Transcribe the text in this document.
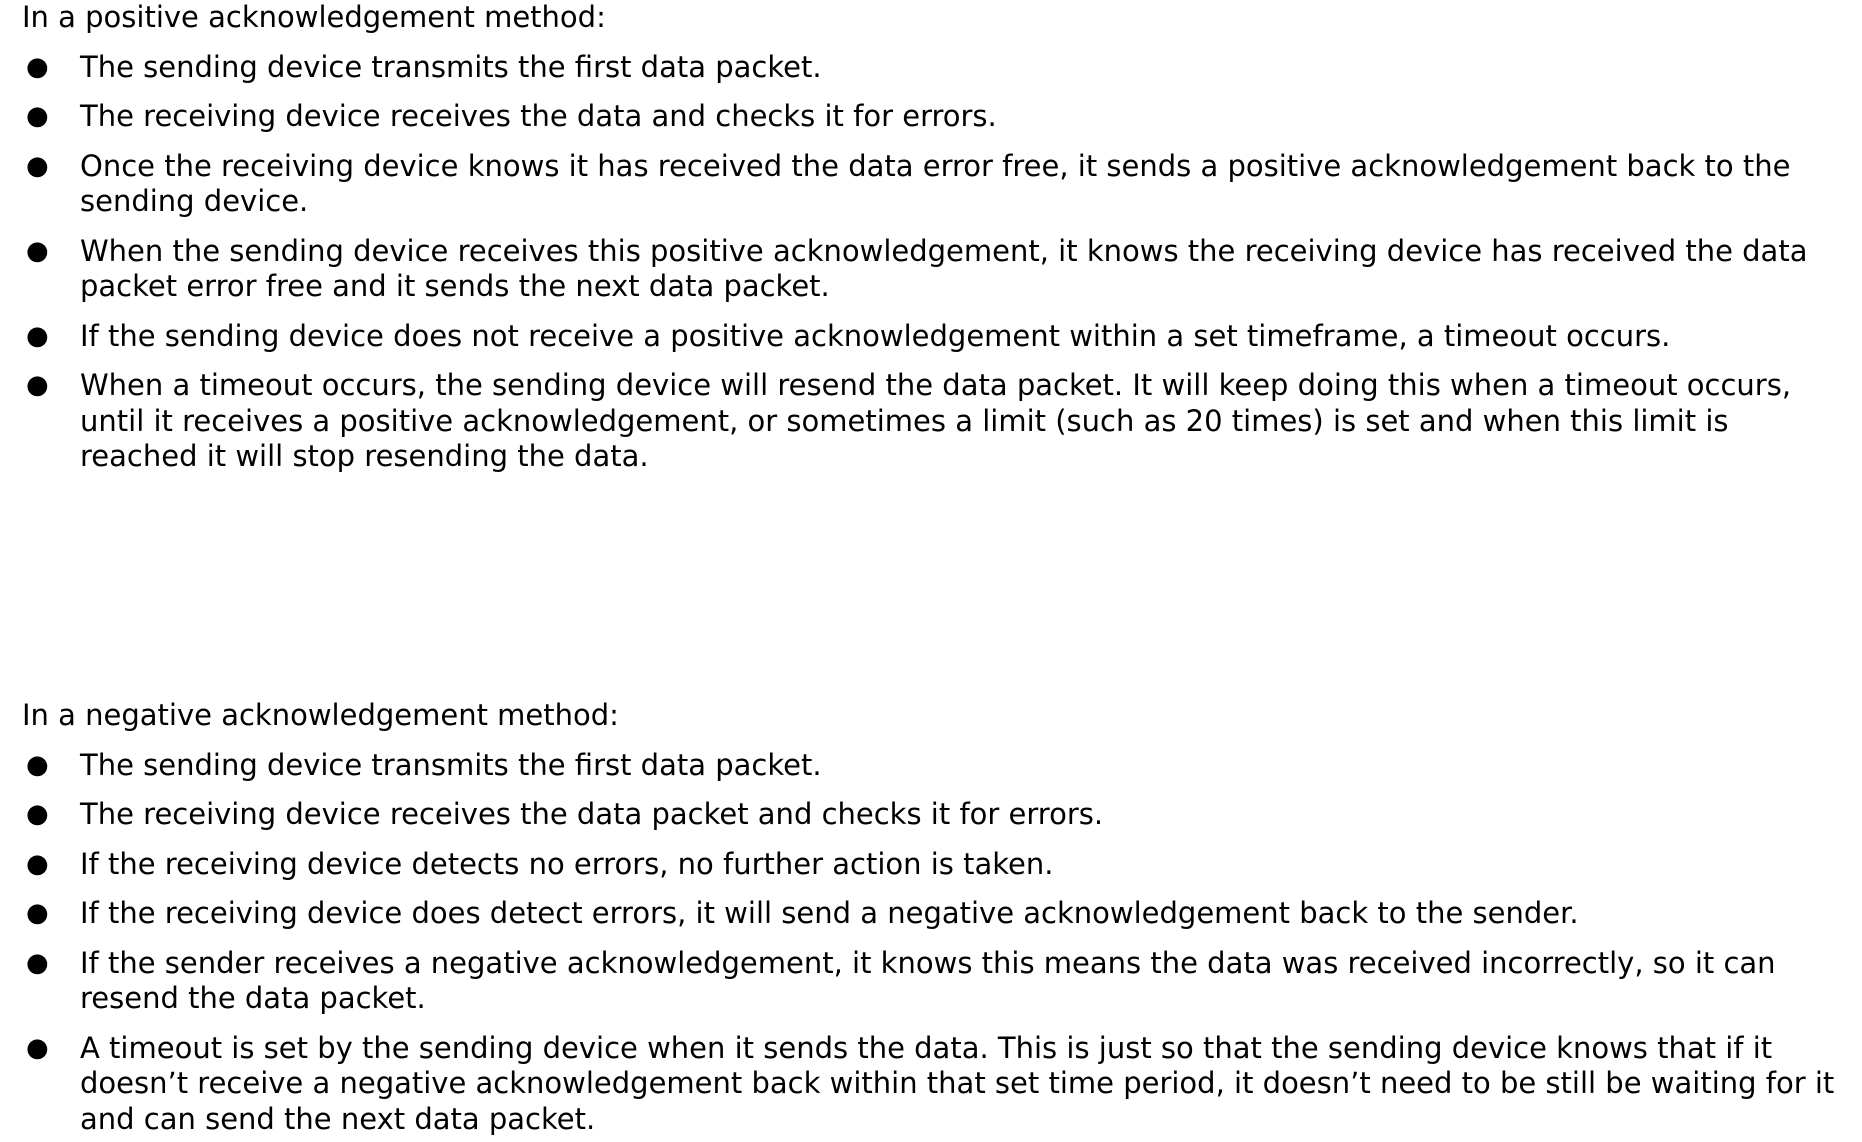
In a positive acknowledgement method:

● The sending device transmits the first data packet.
● The receiving device receives the data and checks it for errors.
● Once the receiving device knows it has received the data error free, it sends a positive acknowledgement back to the sending device.
● When the sending device receives this positive acknowledgement, it knows the receiving device has received the data packet error free and it sends the next data packet.
● If the sending device does not receive a positive acknowledgement within a set timeframe, a timeout occurs.
● When a timeout occurs, the sending device will resend the data packet. It will keep doing this when a timeout occurs, until it receives a positive acknowledgement, or sometimes a limit (such as 20 times) is set and when this limit is reached it will stop resending the data.

In a negative acknowledgement method:

● The sending device transmits the first data packet.
● The receiving device receives the data packet and checks it for errors.
● If the receiving device detects no errors, no further action is taken.
● If the receiving device does detect errors, it will send a negative acknowledgement back to the sender.
● If the sender receives a negative acknowledgement, it knows this means the data was received incorrectly, so it can resend the data packet.
● A timeout is set by the sending device when it sends the data. This is just so that the sending device knows that if it doesn’t receive a negative acknowledgement back within that set time period, it doesn’t need to be still be waiting for it and can send the next data packet.
